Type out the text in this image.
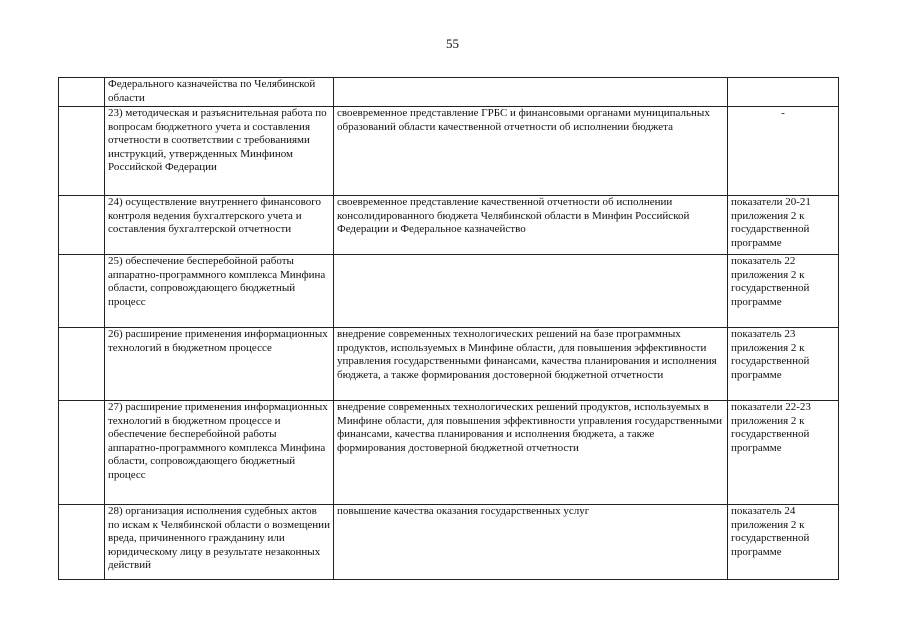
55
	Федерального казначейства по Челябинской области		
	23) методическая и разъяснительная работа по вопросам бюджетного учета и составления отчетности в соответствии с требованиями инструкций, утвержденных Минфином Российской Федерации	своевременное представление ГРБС и финансовыми органами муниципальных образований области качественной отчетности об исполнении бюджета	-
	24) осуществление внутреннего финансового контроля ведения бухгалтерского учета и составления бухгалтерской отчетности	своевременное представление качественной отчетности об исполнении консолидированного бюджета Челябинской области в Минфин Российской Федерации и Федеральное казначейство	показатели 20-21 приложения 2 к государственной программе
	25) обеспечение бесперебойной работы аппаратно-программного комплекса Минфина области, сопровождающего бюджетный процесс		показатель 22 приложения 2 к государственной программе
	26) расширение применения информационных технологий в бюджетном процессе	внедрение современных технологических решений на базе программных продуктов, используемых в Минфине области, для повышения эффективности управления государственными финансами, качества планирования и исполнения бюджета, а также формирования достоверной бюджетной отчетности	показатель 23 приложения 2 к государственной программе
	27) расширение применения информационных технологий в бюджетном процессе и обеспечение бесперебойной работы аппаратно-программного комплекса Минфина области, сопровождающего бюджетный процесс	внедрение современных технологических решений продуктов, используемых в Минфине области, для повышения эффективности управления государственными финансами, качества планирования и исполнения бюджета, а также формирования достоверной бюджетной отчетности	показатели 22-23 приложения 2 к государственной программе
	28) организация исполнения судебных актов по искам к Челябинской области о возмещении вреда, причиненного гражданину или юридическому лицу в результате незаконных действий	повышение качества оказания государственных услуг	показатель 24 приложения 2 к государственной программе
